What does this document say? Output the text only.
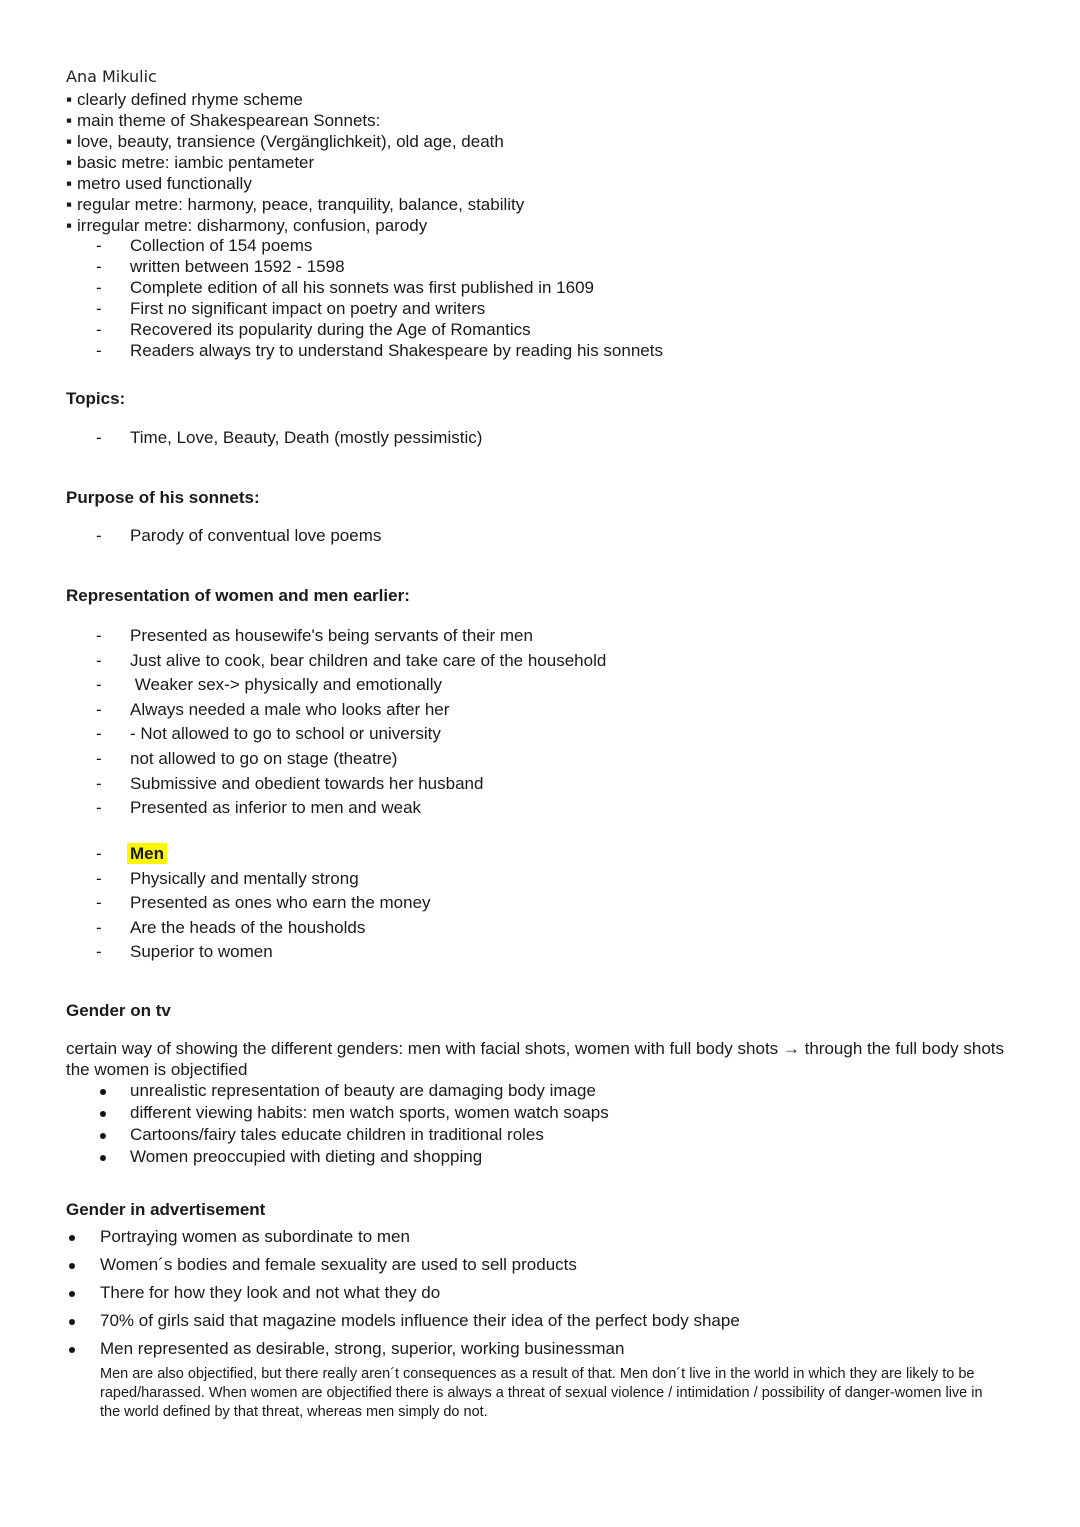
Ana Mikulic
▪ clearly defined rhyme scheme
▪ main theme of Shakespearean Sonnets:
▪ love, beauty, transience (Vergänglichkeit), old age, death
▪ basic metre: iambic pentameter
▪ metro used functionally
▪ regular metre: harmony, peace, tranquility, balance, stability
▪ irregular metre: disharmony, confusion, parody
- Collection of 154 poems
- written between 1592 - 1598
- Complete edition of all his sonnets was first published in 1609
- First no significant impact on poetry and writers
- Recovered its popularity during the Age of Romantics
- Readers always try to understand Shakespeare by reading his sonnets
Topics:
- Time, Love, Beauty, Death (mostly pessimistic)
Purpose of his sonnets:
- Parody of conventual love poems
Representation of women and men earlier:
- Presented as housewife's being servants of their men
- Just alive to cook, bear children and take care of the household
- Weaker sex-> physically and emotionally
- Always needed a male who looks after her
- - Not allowed to go to school or university
- not allowed to go on stage (theatre)
- Submissive and obedient towards her husband
- Presented as inferior to men and weak
- Men
- Physically and mentally strong
- Presented as ones who earn the money
- Are the heads of the housholds
- Superior to women
Gender on tv
certain way of showing the different genders: men with facial shots, women with full body shots → through the full body shots the women is objectified
unrealistic representation of beauty are damaging body image
different viewing habits: men watch sports, women watch soaps
Cartoons/fairy tales educate children in traditional roles
Women preoccupied with dieting and shopping
Gender in advertisement
Portraying women as subordinate to men
Women´s bodies and female sexuality are used to sell products
There for how they look and not what they do
70% of girls said that magazine models influence their idea of the perfect body shape
Men represented as desirable, strong, superior, working businessman
Men are also objectified, but there really aren´t consequences as a result of that. Men don´t live in the world in which they are likely to be raped/harassed. When women are objectified there is always a threat of sexual violence / intimidation / possibility of danger-women live in the world defined by that threat, whereas men simply do not.
